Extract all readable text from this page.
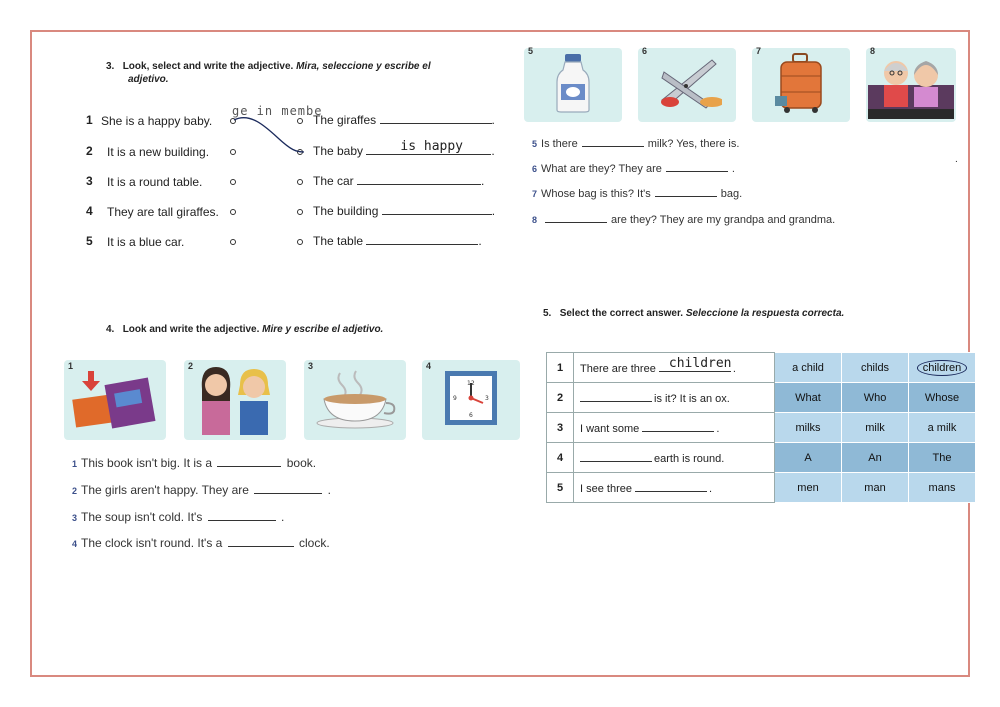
3. Look, select and write the adjective. Mira, seleccione y escribe el
adjetivo.
ge in membe
1 She is a happy baby.
2 It is a new building.
3 It is a round table.
4 They are tall giraffes.
5 It is a blue car.
The giraffes	.
The baby	is happy .
The car	.
The building	.
The table	.
5	6	7	8
5 Is there	milk? Yes, there is.
6 What are they? They are	.
7 Whose bag is this? It's	bag.
8	are they? They are my grandpa and grandma.
.
4. Look and write the adjective. Mire y escribe el adjetivo.
1	2	3
12
3
6
9
4
1 This book isn't big. It is a	book.
2 The girls aren't happy. They are	.
3 The soup isn't cold. It's	.
4 The clock isn't round. It's a	clock.
5. Select the correct answer. Seleccione la respuesta correcta.
1	There are three children .	a child	childs	children
2	is it? It is an ox.	What	Who	Whose
3	I want some .	milks	milk	a milk
4	earth is round.	A	An	The
5	I see three .	men	man	mans
